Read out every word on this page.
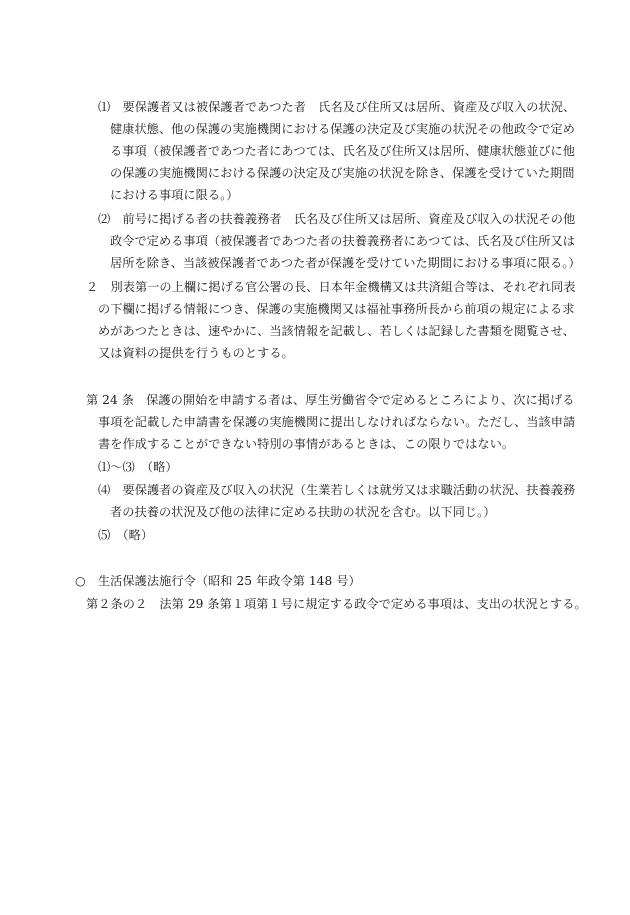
⑴　要保護者又は被保護者であつた者　氏名及び住所又は居所、資産及び収入の状況、
健康状態、他の保護の実施機関における保護の決定及び実施の状況その他政令で定め
る事項（被保護者であつた者にあつては、氏名及び住所又は居所、健康状態並びに他
の保護の実施機関における保護の決定及び実施の状況を除き、保護を受けていた期間
における事項に限る。）
⑵　前号に掲げる者の扶養義務者　氏名及び住所又は居所、資産及び収入の状況その他
政令で定める事項（被保護者であつた者の扶養義務者にあつては、氏名及び住所又は
居所を除き、当該被保護者であつた者が保護を受けていた期間における事項に限る。）
２　別表第一の上欄に掲げる官公署の長、日本年金機構又は共済組合等は、それぞれ同表
の下欄に掲げる情報につき、保護の実施機関又は福祉事務所長から前項の規定による求
めがあつたときは、速やかに、当該情報を記載し、若しくは記録した書類を閲覧させ、
又は資料の提供を行うものとする。
第 24 条　保護の開始を申請する者は、厚生労働省令で定めるところにより、次に掲げる
事項を記載した申請書を保護の実施機関に提出しなければならない。ただし、当該申請
書を作成することができない特別の事情があるときは、この限りではない。
⑴～⑶　（略）
⑷　要保護者の資産及び収入の状況（生業若しくは就労又は求職活動の状況、扶養義務
者の扶養の状況及び他の法律に定める扶助の状況を含む。以下同じ。）
⑸　（略）
○　生活保護法施行令（昭和 25 年政令第 148 号）
第２条の２　法第 29 条第１項第１号に規定する政令で定める事項は、支出の状況とする。
